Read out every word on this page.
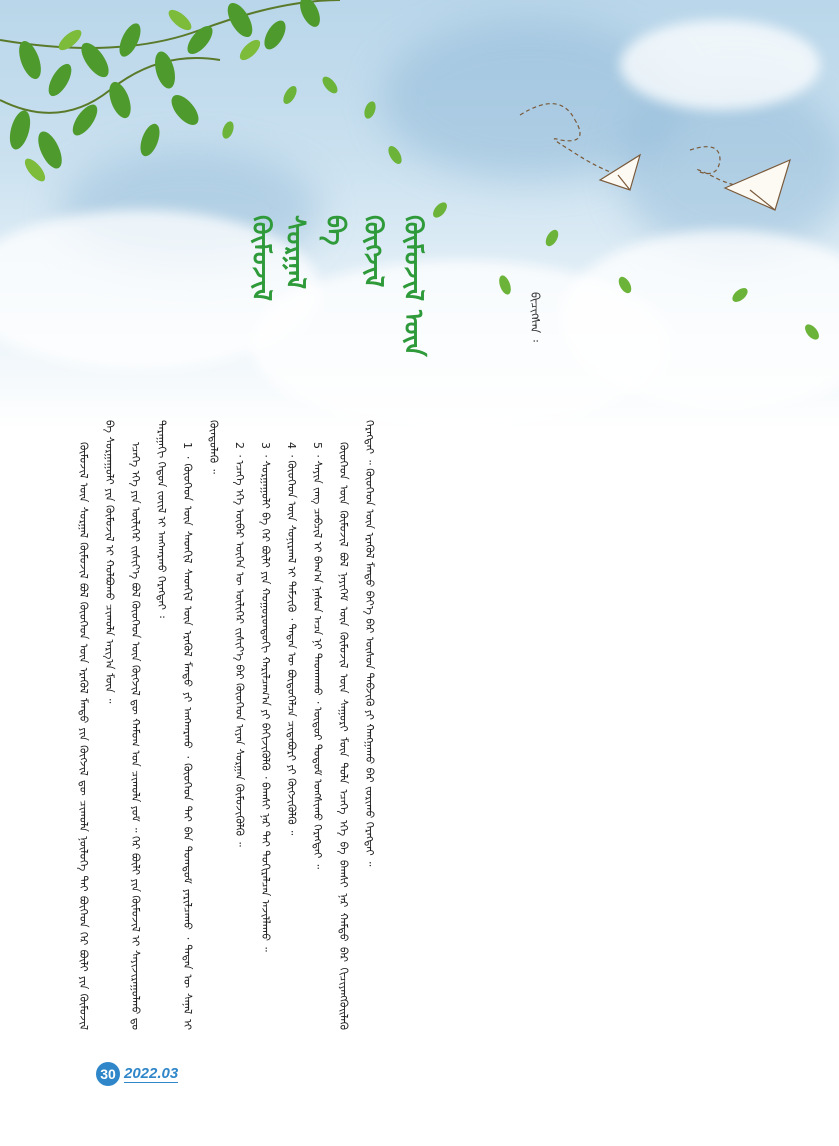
ᠬᠥᠮᠦᠵᠢᠯ ᠰᠤᠷᠭᠠᠯ ᠪᠠ ᠬᠥᠭᠵᠢᠯ ᠬᠦᠮᠦᠵᠢᠯ ᠦᠨ	ᠪᠢᠴᠢᠭᠰᠡᠨ ᠄

ᠬᠦᠮᠦᠵᠢᠯ ᠦᠨ ᠰᠤᠷᠭᠠᠯ ᠬᠦᠮᠦᠵᠢᠯ ᠪᠤᠯ ᠬᠦᠦᠬᠡᠳ ᠦᠨ ᠡᠷᠡᠭᠦᠯ ᠮᠡᠨᠳᠦ ᠶᠢᠨ ᠬᠥᠭᠵᠢᠯ ᠳᠦ ᠴᠢᠬᠤᠯᠠ ᠨᠥᠯᠦᠭᠡ ᠲᠡᠢ ᠪᠥᠭᠡᠳ ᠭᠡᠷ ᠪᠦᠯᠢ ᠶᠢᠨ ᠬᠥᠮᠦᠵᠢᠯ ᠪᠠ ᠰᠤᠷᠭᠠᠭᠤᠯᠢ ᠶᠢᠨ ᠬᠥᠮᠦᠵᠢᠯ ᠢ ᠬᠣᠯᠪᠣᠬᠤ ᠴᠢᠬᠤᠯᠠ ᠠᠷᠭ᠎ᠠ ᠮᠥᠨ ᠃	ᠡᠴᠡᠭᠡ ᠡᠬᠡ ᠶᠢᠨ ᠦᠯᠢᠭᠡᠷ ᠵᠢᠱᠢᠶ᠎ᠡ ᠪᠤᠯ ᠬᠦᠦᠬᠡᠳ ᠦᠨ ᠬᠥᠭᠵᠢᠯ ᠳᠦ ᠬᠠᠮᠤᠭ ᠤᠨ ᠴᠢᠬᠤᠯᠠ ᠶᠤᠮ ᠃ ᠭᠡᠷ ᠪᠦᠯᠢ ᠶᠢᠨ ᠬᠥᠮᠦᠵᠢᠯ ᠢ ᠰᠠᠶᠢᠵᠢᠷᠠᠭᠤᠯᠬᠤ ᠳᠤ ᠳᠠᠷᠠᠭᠠᠬᠢ ᠬᠡᠳᠦᠨ ᠵᠦᠢᠯ ᠢ ᠠᠩᠬᠠᠷᠬᠤ ᠬᠡᠷᠡᠭᠲᠡᠢ ᠄	1 ᠂ ᠬᠦᠦᠬᠡᠳ ᠦᠨ ᠰᠡᠳᠬᠢᠯ ᠰᠡᠳᠬᠢᠯ ᠦᠨ ᠡᠷᠡᠭᠦᠯ ᠮᠡᠨᠳᠦ ᠶᠢ ᠠᠩᠬᠠᠷᠬᠤ ᠂ ᠬᠦᠦᠬᠡᠳ ᠲᠡᠢ ᠪᠠᠨ ᠲᠤᠭᠳᠤᠮ ᠶᠠᠷᠢᠯᠴᠠᠬᠤ ᠂ ᠲᠡᠳᠡᠨ ᠦ ᠰᠠᠨᠠᠯ ᠢ ᠬᠦᠨᠳᠦᠯᠡᠬᠦ ᠃	2 ᠂ ᠡᠴᠡᠭᠡ ᠡᠬᠡ ᠥᠪᠡᠷ ᠦᠭᠡᠨ ᠦ ᠦᠯᠢᠭᠡᠷ ᠵᠢᠱᠢᠶ᠎ᠡ ᠪᠡᠷ ᠬᠦᠦᠬᠡᠳ ᠢᠶᠡᠨ ᠰᠤᠷᠭᠠᠨ ᠬᠥᠮᠦᠵᠢᠭᠦᠯᠬᠦ ᠃	3 ᠂ ᠰᠤᠷᠭᠠᠭᠤᠯᠢ ᠪᠠ ᠭᠡᠷ ᠪᠦᠯᠢ ᠶᠢᠨ ᠬᠣᠭᠣᠷᠣᠨᠳᠣᠬᠢ ᠬᠠᠷᠢᠯᠴᠠᠭ᠎ᠠ ᠶᠢ ᠪᠡᠬᠢᠵᠢᠭᠦᠯᠬᠦ ᠂ ᠪᠠᠭᠰᠢ ᠨᠠᠷ ᠲᠠᠢ ᠲᠣᠬᠢᠷᠠᠯᠴᠠᠨ ᠠᠵᠢᠯᠯᠠᠬᠤ ᠃	4 ᠂ ᠬᠦᠦᠬᠡᠳ ᠦᠨ ᠰᠤᠨᠢᠷᠬᠠᠯ ᠢ ᠳᠡᠮᠵᠢᠬᠦ ᠂ ᠲᠡᠳᠡᠨ ᠦ ᠪᠦᠲᠦᠭᠡᠯᠴᠡ ᠴᠢᠳᠠᠪᠤᠷᠢ ᠶᠢ ᠬᠥᠭᠵᠢᠭᠦᠯᠬᠦ ᠃	5 ᠂ ᠰᠠᠶᠢᠨ ᠵᠠᠩ ᠴᠠᠪᠴᠢᠯ ᠢ ᠪᠠᠭ᠎ᠠ ᠨᠠᠰᠤᠨ ᠠᠴᠠ ᠨᠢ ᠳᠠᠳᠬᠠᠬᠤ ᠂ ᠥᠳᠥᠷ ᠲᠤᠲᠤᠮ ᠤᠩᠰᠢᠬᠤ ᠬᠡᠷᠡᠭᠲᠡᠢ ᠃	ᠬᠦᠦᠬᠡᠳ ᠦᠨ ᠬᠥᠮᠦᠵᠢᠯ ᠪᠤᠯ ᠨᠡᠶᠢᠭᠡᠮ ᠦᠨ ᠬᠥᠮᠦᠵᠢᠯ ᠦᠨ ᠰᠠᠭᠤᠷᠢ ᠮᠥᠨ ᠲᠤᠯᠠ ᠡᠴᠡᠭᠡ ᠡᠬᠡ ᠪᠠ ᠪᠠᠭᠰᠢ ᠨᠠᠷ ᠬᠠᠮᠲᠤ ᠪᠡᠷ ᠬᠢᠴᠢᠶᠡᠩᠭᠦᠢᠯᠡᠬᠦ ᠬᠡᠷᠡᠭᠲᠡᠢ ᠃ ᠬᠦᠦᠬᠡᠳ ᠦᠨ ᠡᠷᠡᠭᠦᠯ ᠮᠡᠨᠳᠦ ᠪᠡᠶ᠎ᠡ ᠪᠡᠷ ᠥᠰᠦᠨ ᠳᠡᠪᠵᠢᠬᠦ ᠶᠢ ᠬᠠᠩᠭᠠᠬᠤ ᠪᠠᠷ ᠵᠣᠷᠢᠬᠤ ᠬᠡᠷᠡᠭᠲᠡᠢ ᠃

30 2022.03
